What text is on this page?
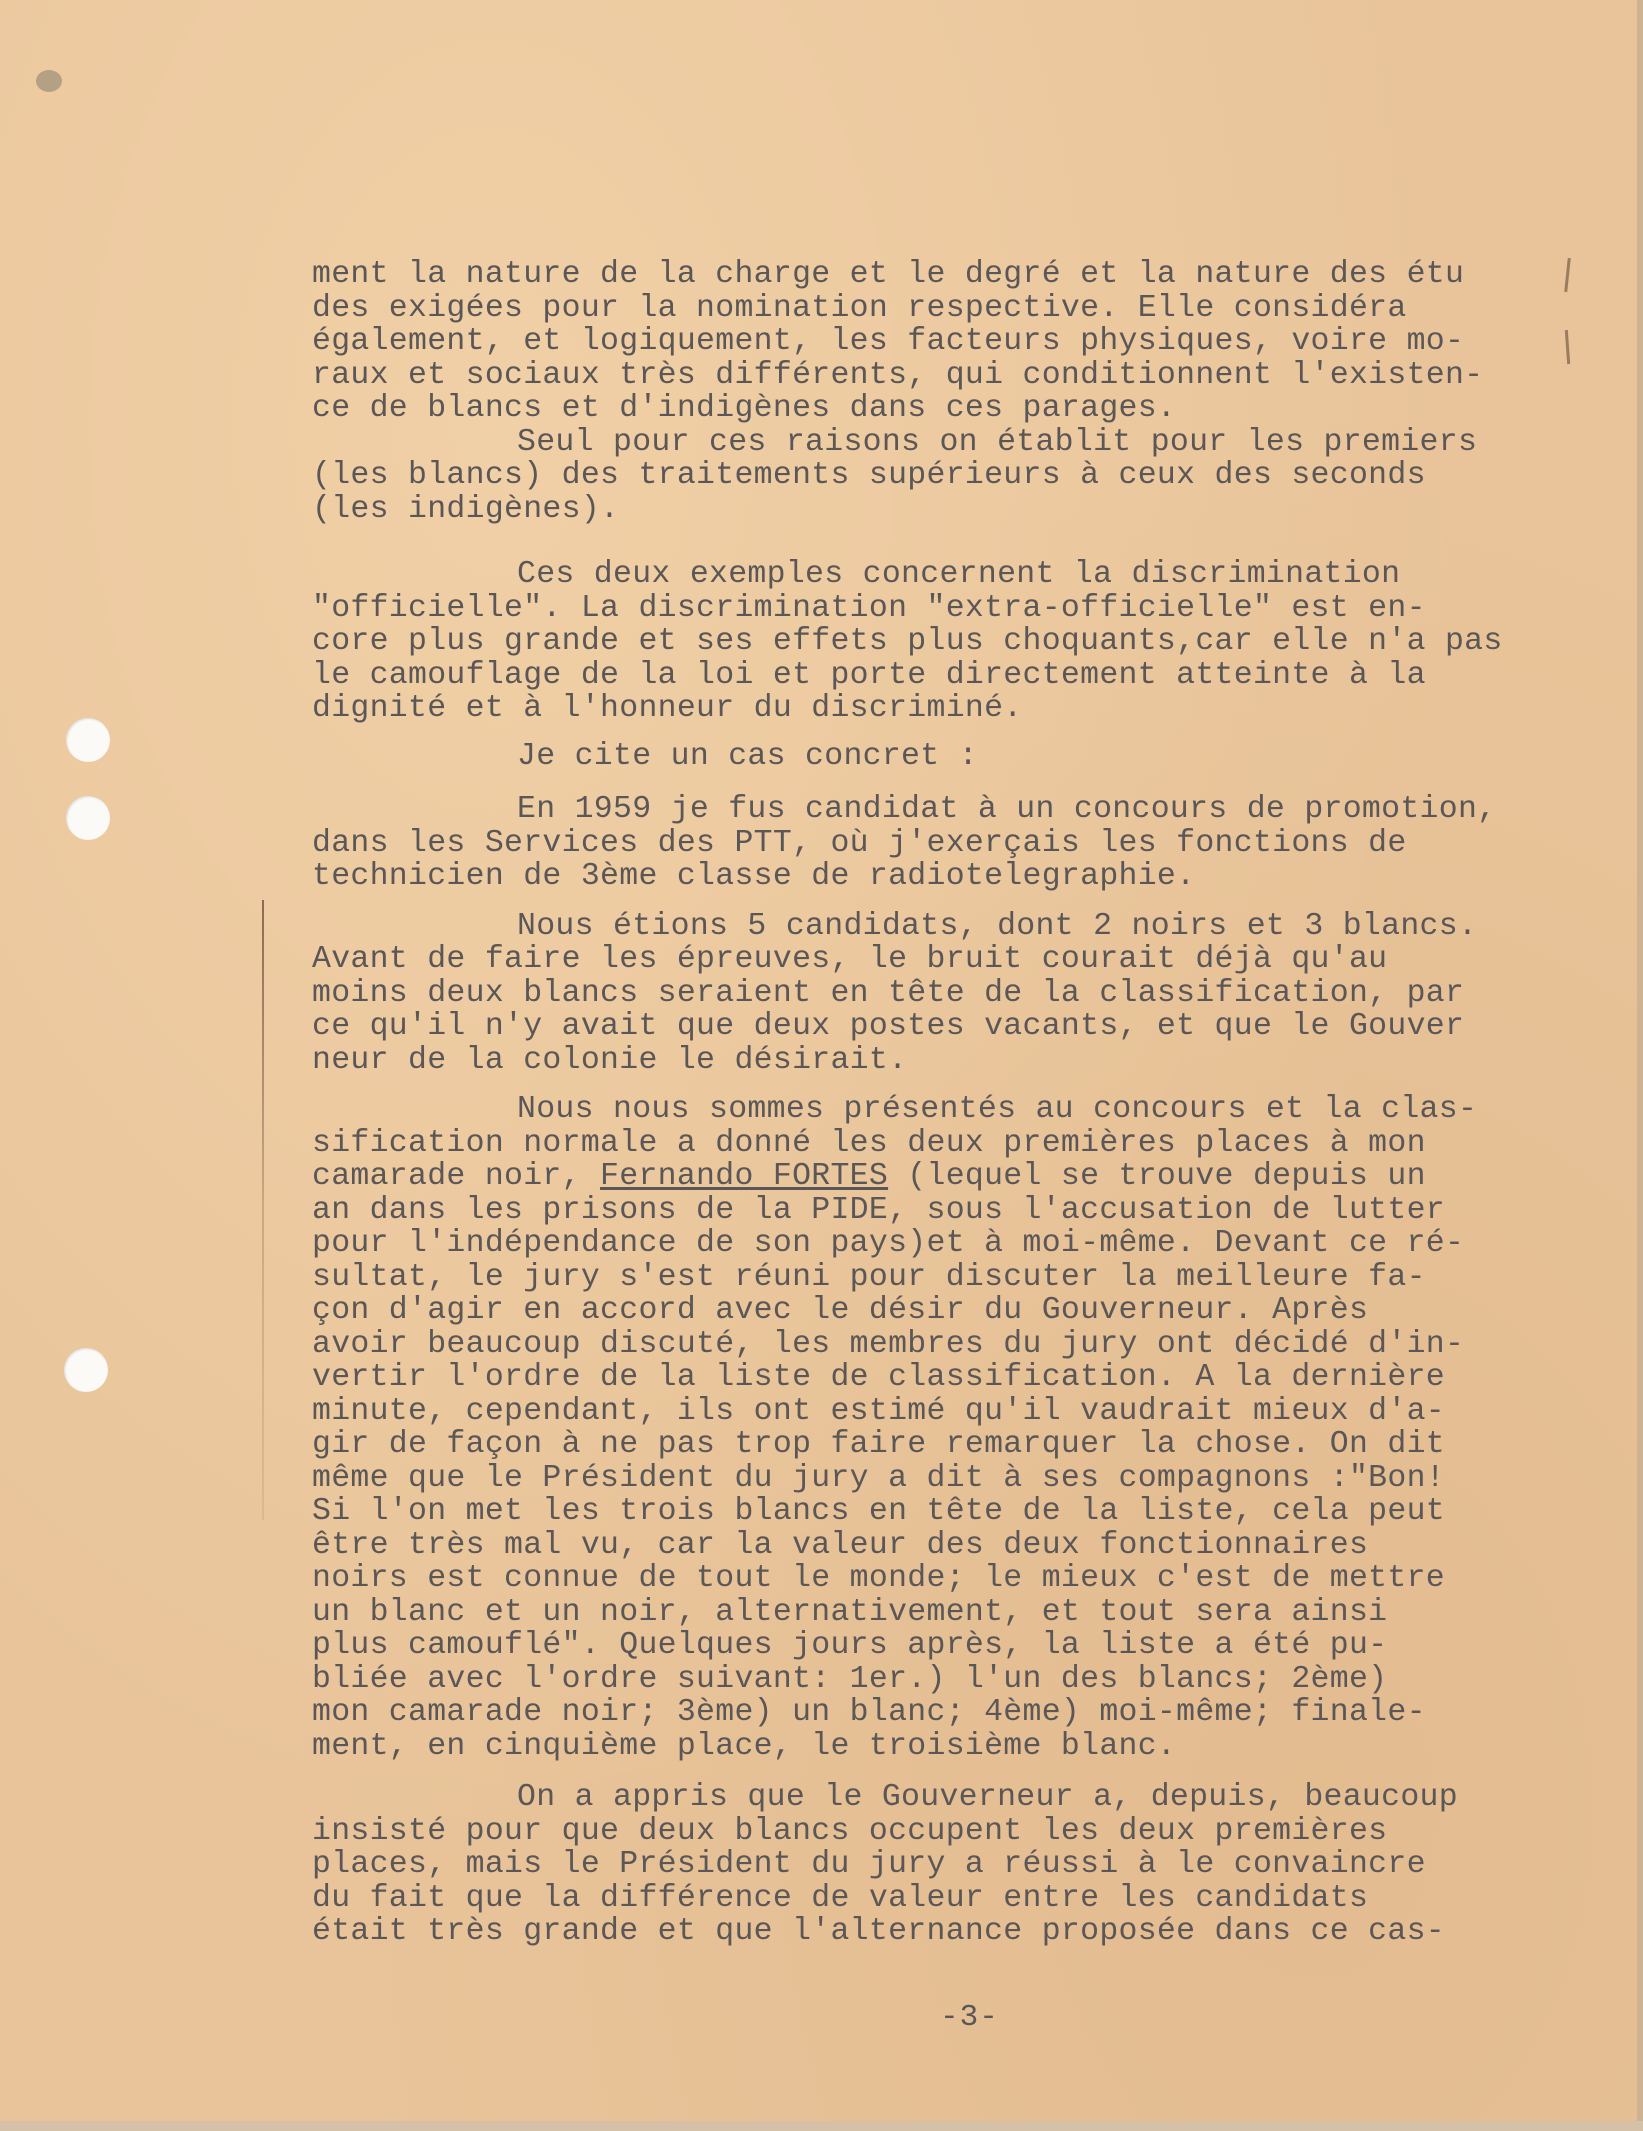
ment la nature de la charge et le degré et la nature des étu
des exigées pour la nomination respective. Elle considéra
également, et logiquement, les facteurs physiques, voire mo-
raux et sociaux très différents, qui conditionnent l'existen-
ce de blancs et d'indigènes dans ces parages.
Seul pour ces raisons on établit pour les premiers
(les blancs) des traitements supérieurs à ceux des seconds
(les indigènes).
Ces deux exemples concernent la discrimination
"officielle". La discrimination "extra-officielle" est en-
core plus grande et ses effets plus choquants,car elle n'a pas
le camouflage de la loi et porte directement atteinte à la
dignité et à l'honneur du discriminé.
Je cite un cas concret :
En 1959 je fus candidat à un concours de promotion,
dans les Services des PTT, où j'exerçais les fonctions de
technicien de 3ème classe de radiotelegraphie.
Nous étions 5 candidats, dont 2 noirs et 3 blancs.
Avant de faire les épreuves, le bruit courait déjà qu'au
moins deux blancs seraient en tête de la classification, par
ce qu'il n'y avait que deux postes vacants, et que le Gouver
neur de la colonie le désirait.
Nous nous sommes présentés au concours et la clas-
sification normale a donné les deux premières places à mon
camarade noir, Fernando FORTES (lequel se trouve depuis un
an dans les prisons de la PIDE, sous l'accusation de lutter
pour l'indépendance de son pays)et à moi-même. Devant ce ré-
sultat, le jury s'est réuni pour discuter la meilleure fa-
çon d'agir en accord avec le désir du Gouverneur. Après
avoir beaucoup discuté, les membres du jury ont décidé d'in-
vertir l'ordre de la liste de classification. A la dernière
minute, cependant, ils ont estimé qu'il vaudrait mieux d'a-
gir de façon à ne pas trop faire remarquer la chose. On dit
même que le Président du jury a dit à ses compagnons :"Bon!
Si l'on met les trois blancs en tête de la liste, cela peut
être très mal vu, car la valeur des deux fonctionnaires
noirs est connue de tout le monde; le mieux c'est de mettre
un blanc et un noir, alternativement, et tout sera ainsi
plus camouflé". Quelques jours après, la liste a été pu-
bliée avec l'ordre suivant: 1er.) l'un des blancs; 2ème)
mon camarade noir; 3ème) un blanc; 4ème) moi-même; finale-
ment, en cinquième place, le troisième blanc.
On a appris que le Gouverneur a, depuis, beaucoup
insisté pour que deux blancs occupent les deux premières
places, mais le Président du jury a réussi à le convaincre
du fait que la différence de valeur entre les candidats
était très grande et que l'alternance proposée dans ce cas-
-3-
